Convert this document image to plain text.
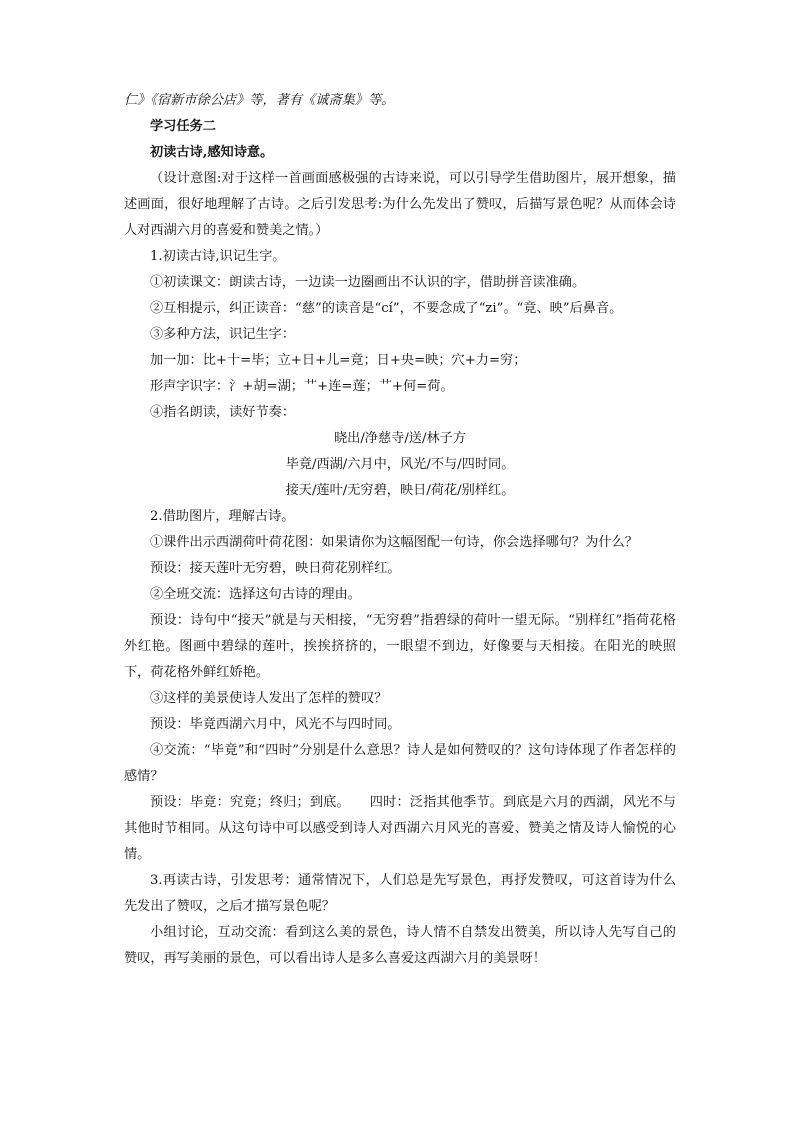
仁》《宿新市徐公店》等，著有《诚斋集》等。

学习任务二

初读古诗,感知诗意。

（设计意图:对于这样一首画面感极强的古诗来说，可以引导学生借助图片，展开想象，描述画面，很好地理解了古诗。之后引发思考:为什么先发出了赞叹，后描写景色呢？从而体会诗人对西湖六月的喜爱和赞美之情。）

1.初读古诗,识记生字。

①初读课文：朗读古诗，一边读一边圈画出不认识的字，借助拼音读准确。

②互相提示，纠正读音：“慈”的读音是“cí”，不要念成了“zi”。“竟、映”后鼻音。

③多种方法，识记生字：

加一加：比+十=毕；立+日+儿=竟；日+央=映；穴+力=穷；

形声字识字：氵+胡=湖；艹+连=莲；艹+何=荷。

④指名朗读，读好节奏：

晓出/净慈寺/送/林子方

毕竟/西湖/六月中，风光/不与/四时同。

接天/莲叶/无穷碧，映日/荷花/别样红。

2.借助图片，理解古诗。

①课件出示西湖荷叶荷花图：如果请你为这幅图配一句诗，你会选择哪句？为什么？

预设：接天莲叶无穷碧，映日荷花别样红。

②全班交流：选择这句古诗的理由。

预设：诗句中“接天”就是与天相接，“无穷碧”指碧绿的荷叶一望无际。“别样红”指荷花格外红艳。图画中碧绿的莲叶，挨挨挤挤的，一眼望不到边，好像要与天相接。在阳光的映照下，荷花格外鲜红娇艳。

③这样的美景使诗人发出了怎样的赞叹？

预设：毕竟西湖六月中，风光不与四时同。

④交流：“毕竟”和“四时”分别是什么意思？诗人是如何赞叹的？这句诗体现了作者怎样的感情？

预设：毕竟：究竟；终归；到底。　　四时：泛指其他季节。到底是六月的西湖，风光不与其他时节相同。从这句诗中可以感受到诗人对西湖六月风光的喜爱、赞美之情及诗人愉悦的心情。

3.再读古诗，引发思考：通常情况下，人们总是先写景色，再抒发赞叹，可这首诗为什么先发出了赞叹，之后才描写景色呢？

小组讨论，互动交流：看到这么美的景色，诗人情不自禁发出赞美，所以诗人先写自己的赞叹，再写美丽的景色，可以看出诗人是多么喜爱这西湖六月的美景呀！
